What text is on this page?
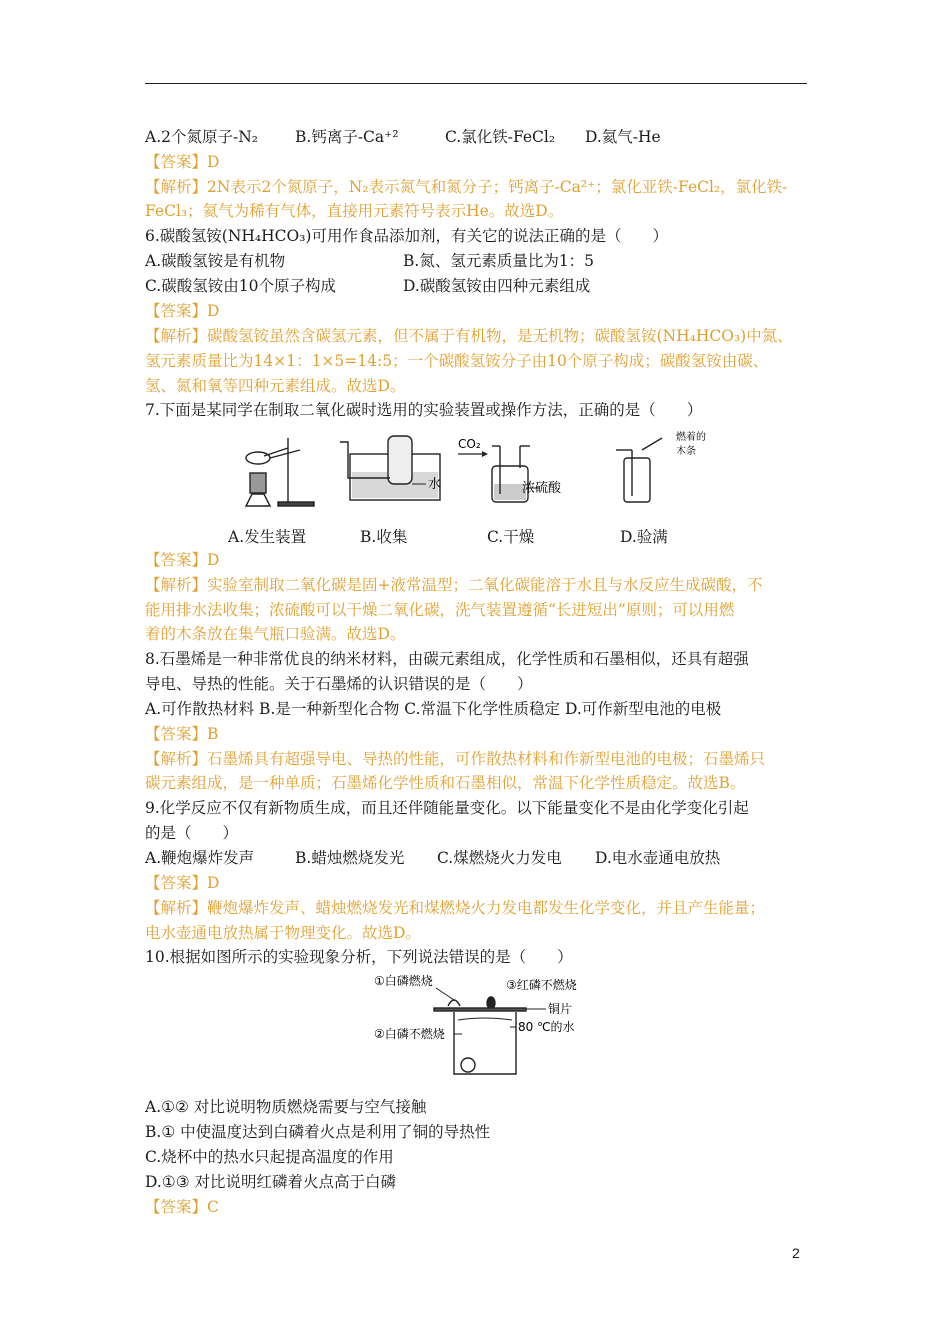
A.2个氮原子-N₂ B.钙离子-Ca⁺²	C.氯化铁-FeCl₂ D.氦气-He
【答案】D
【解析】2N表示2个氮原子，N₂表示氮气和氮分子；钙离子-Ca²⁺；氯化亚铁-FeCl₂，氯化铁-
FeCl₃；氦气为稀有气体，直接用元素符号表示He。故选D。
6.碳酸氢铵(NH₄HCO₃)可用作食品添加剂，有关它的说法正确的是（　　）
A.碳酸氢铵是有机物	B.氮、氢元素质量比为1：5
C.碳酸氢铵由10个原子构成	D.碳酸氢铵由四种元素组成
【答案】D
【解析】碳酸氢铵虽然含碳氢元素，但不属于有机物，是无机物；碳酸氢铵(NH₄HCO₃)中氮、
氢元素质量比为14×1：1×5=14:5；一个碳酸氢铵分子由10个原子构成；碳酸氢铵由碳、
氢、氮和氧等四种元素组成。故选D。
7.下面是某同学在制取二氧化碳时选用的实验装置或操作方法，正确的是（　　）
水
CO₂
浓硫酸
燃着的
木条
A.发生装置	B.收集	C.干燥	D.验满
【答案】D
【解析】实验室制取二氧化碳是固+液常温型；二氧化碳能溶于水且与水反应生成碳酸，不
能用排水法收集；浓硫酸可以干燥二氧化碳，洗气装置遵循“长进短出”原则；可以用燃
着的木条放在集气瓶口验满。故选D。
8.石墨烯是一种非常优良的纳米材料，由碳元素组成，化学性质和石墨相似，还具有超强
导电、导热的性能。关于石墨烯的认识错误的是（　　）
A.可作散热材料 B.是一种新型化合物 C.常温下化学性质稳定 D.可作新型电池的电极
【答案】B
【解析】石墨烯具有超强导电、导热的性能，可作散热材料和作新型电池的电极；石墨烯只
碳元素组成，是一种单质；石墨烯化学性质和石墨相似，常温下化学性质稳定。故选B。
9.化学反应不仅有新物质生成，而且还伴随能量变化。以下能量变化不是由化学变化引起
的是（　　）
A.鞭炮爆炸发声	B.蜡烛燃烧发光 C.煤燃烧火力发电 D.电水壶通电放热
【答案】D
【解析】鞭炮爆炸发声、蜡烛燃烧发光和煤燃烧火力发电都发生化学变化，并且产生能量；
电水壶通电放热属于物理变化。故选D。
10.根据如图所示的实验现象分析，下列说法错误的是（　　）
①白磷燃烧	③红磷不燃烧
铜片
②白磷不燃烧	80 ℃的水
A.①② 对比说明物质燃烧需要与空气接触
B.① 中使温度达到白磷着火点是利用了铜的导热性
C.烧杯中的热水只起提高温度的作用
D.①③ 对比说明红磷着火点高于白磷
【答案】C
2
